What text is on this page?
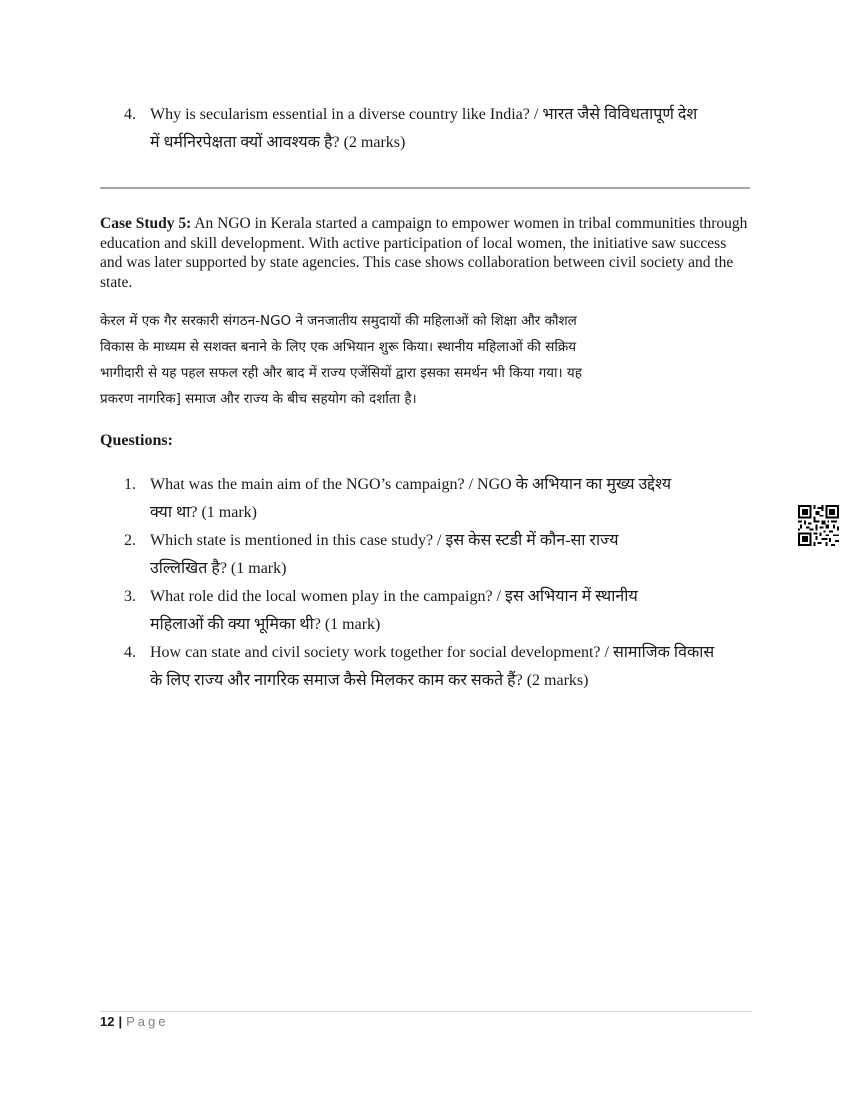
4. Why is secularism essential in a diverse country like India? / भारत जैसे विविधतापूर्ण देश
में धर्मनिरपेक्षता क्यों आवश्यक है? (2 marks)

Case Study 5: An NGO in Kerala started a campaign to empower women in tribal communities through education and skill development. With active participation of local women, the initiative saw success and was later supported by state agencies. This case shows collaboration between civil society and the state.

केरल में एक गैर सरकारी संगठन-NGO ने जनजातीय समुदायों की महिलाओं को शिक्षा और कौशल
विकास के माध्यम से सशक्त बनाने के लिए एक अभियान शुरू किया। स्थानीय महिलाओं की सक्रिय
भागीदारी से यह पहल सफल रही और बाद में राज्य एजेंसियों द्वारा इसका समर्थन भी किया गया। यह
प्रकरण नागरिक] समाज और राज्य के बीच सहयोग को दर्शाता है।

Questions:

1. What was the main aim of the NGO’s campaign? / NGO के अभियान का मुख्य उद्देश्य
क्या था? (1 mark)
2. Which state is mentioned in this case study? / इस केस स्टडी में कौन-सा राज्य
उल्लिखित है? (1 mark)
3. What role did the local women play in the campaign? / इस अभियान में स्थानीय
महिलाओं की क्या भूमिका थी? (1 mark)
4. How can state and civil society work together for social development? / सामाजिक विकास
के लिए राज्य और नागरिक समाज कैसे मिलकर काम कर सकते हैं? (2 marks)
12 | Page
